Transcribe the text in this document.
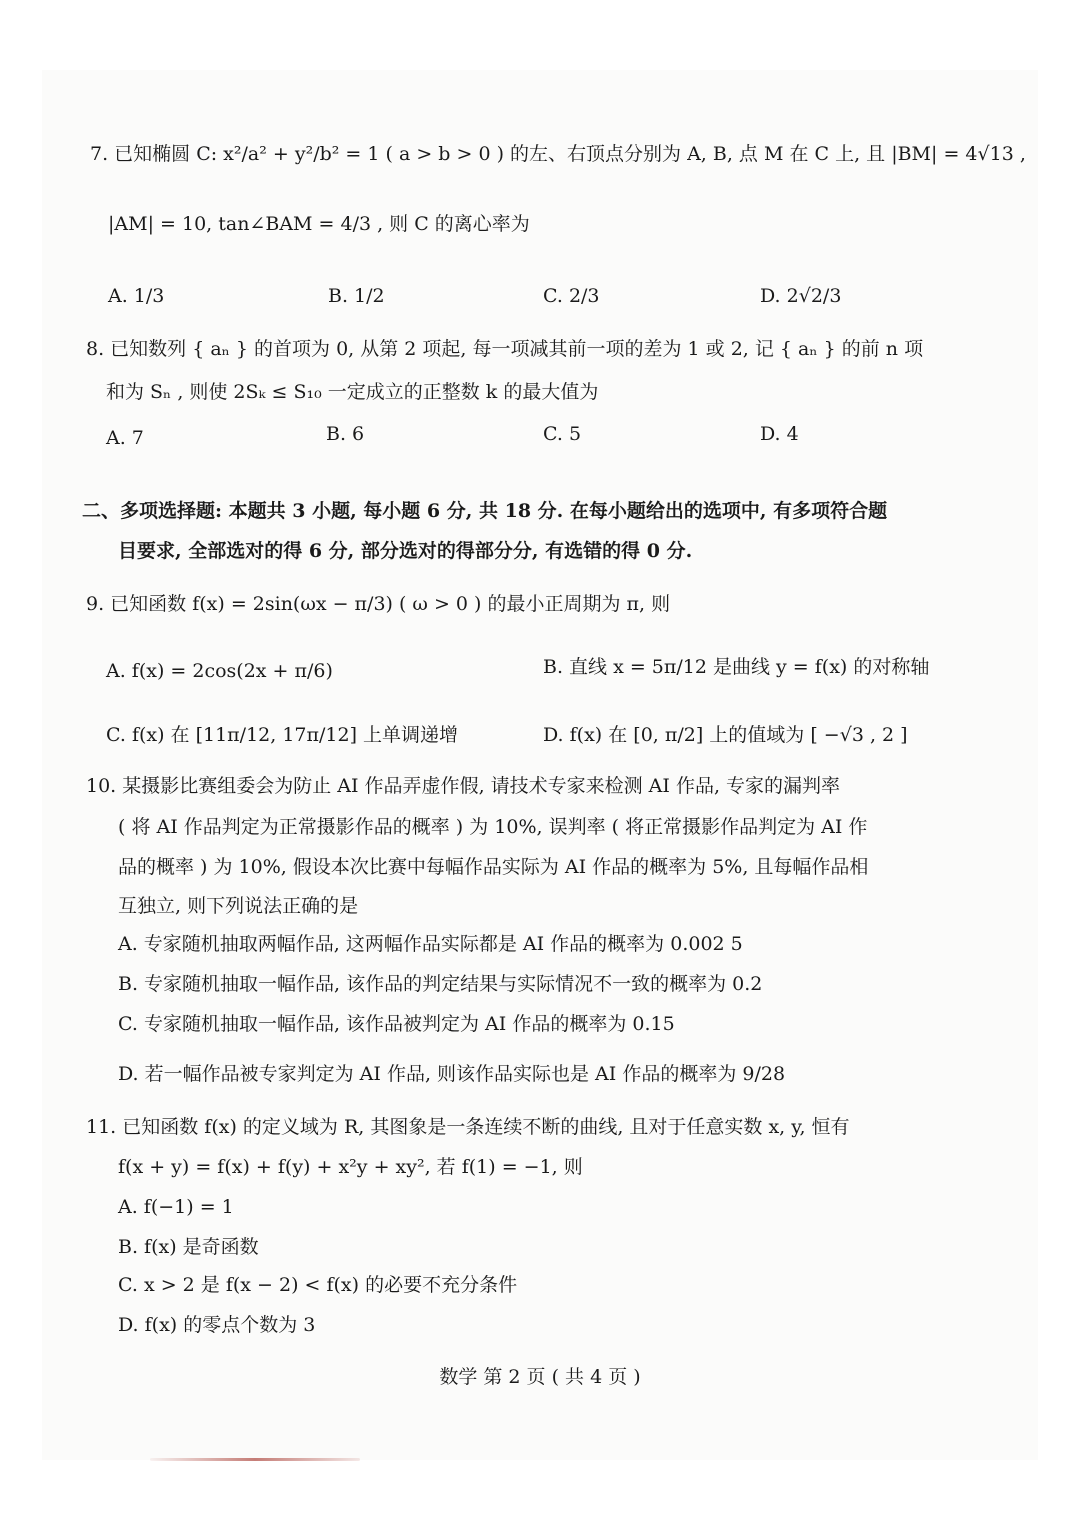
7. 已知椭圆 C: x²/a² + y²/b² = 1 ( a > b > 0 ) 的左、右顶点分别为 A, B, 点 M 在 C 上, 且 |BM| = 4√13 ,
|AM| = 10, tan∠BAM = 4/3 , 则 C 的离心率为
A. 1/3	B. 1/2	C. 2/3	D. 2√2/3
8. 已知数列 { aₙ } 的首项为 0, 从第 2 项起, 每一项减其前一项的差为 1 或 2, 记 { aₙ } 的前 n 项
和为 Sₙ , 则使 2Sₖ ≤ S₁₀ 一定成立的正整数 k 的最大值为
A. 7	B. 6	C. 5	D. 4
二、多项选择题: 本题共 3 小题, 每小题 6 分, 共 18 分. 在每小题给出的选项中, 有多项符合题
目要求, 全部选对的得 6 分, 部分选对的得部分分, 有选错的得 0 分.
9. 已知函数 f(x) = 2sin(ωx − π/3) ( ω > 0 ) 的最小正周期为 π, 则
A. f(x) = 2cos(2x + π/6)	B. 直线 x = 5π/12 是曲线 y = f(x) 的对称轴
C. f(x) 在 [11π/12, 17π/12] 上单调递增	D. f(x) 在 [0, π/2] 上的值域为 [ −√3 , 2 ]
10. 某摄影比赛组委会为防止 AI 作品弄虚作假, 请技术专家来检测 AI 作品, 专家的漏判率
( 将 AI 作品判定为正常摄影作品的概率 ) 为 10%, 误判率 ( 将正常摄影作品判定为 AI 作
品的概率 ) 为 10%, 假设本次比赛中每幅作品实际为 AI 作品的概率为 5%, 且每幅作品相
互独立, 则下列说法正确的是
A. 专家随机抽取两幅作品, 这两幅作品实际都是 AI 作品的概率为 0.002 5
B. 专家随机抽取一幅作品, 该作品的判定结果与实际情况不一致的概率为 0.2
C. 专家随机抽取一幅作品, 该作品被判定为 AI 作品的概率为 0.15
D. 若一幅作品被专家判定为 AI 作品, 则该作品实际也是 AI 作品的概率为 9/28
11. 已知函数 f(x) 的定义域为 R, 其图象是一条连续不断的曲线, 且对于任意实数 x, y, 恒有
f(x + y) = f(x) + f(y) + x²y + xy², 若 f(1) = −1, 则
A. f(−1) = 1
B. f(x) 是奇函数
C. x > 2 是 f(x − 2) < f(x) 的必要不充分条件
D. f(x) 的零点个数为 3
数学 第 2 页 ( 共 4 页 )
